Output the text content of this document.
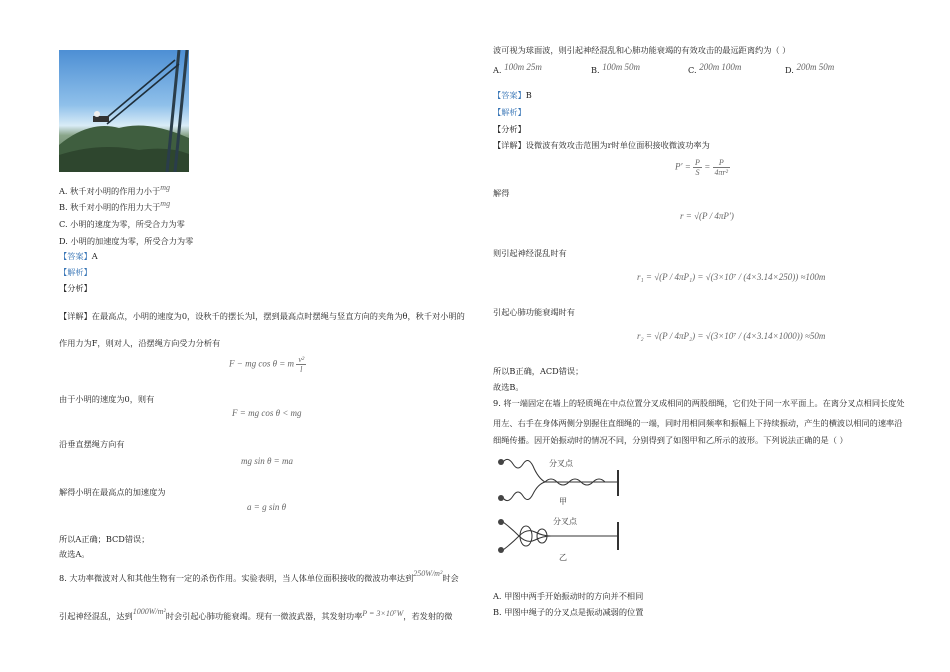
A. 秋千对小明的作用力小于mg
B. 秋千对小明的作用力大于mg
C. 小明的速度为零，所受合力为零
D. 小明的加速度为零，所受合力为零
【答案】A
【解析】
【分析】
【详解】在最高点，小明的速度为0，设秋千的摆长为l，摆到最高点时摆绳与竖直方向的夹角为θ，秋千对小明的
作用力为F，则对人，沿摆绳方向受力分析有
F − mg cos θ = m $\frac{\text{v²}}{l}$
由于小明的速度为0，则有
F = mg cos θ < mg
沿垂直摆绳方向有
mg sin θ = ma
解得小明在最高点的加速度为
a = g sin θ
所以A正确；BCD错误；
故选A。
8. 大功率微波对人和其他生物有一定的杀伤作用。实验表明，当人体单位面积接收的微波功率达到250W/m²时会
引起神经混乱，达到1000W/m²时会引起心肺功能衰竭。现有一微波武器，其发射功率P = 3×10⁷W，若发射的微
波可视为球面波，则引起神经混乱和心肺功能衰竭的有效攻击的最远距离约为（ ）
A. 100m 25m	B. 100m 50m	C. 200m 100m	D. 200m 50m
【答案】B
【解析】
【分析】
【详解】设微波有效攻击范围为r时单位面积接收微波功率为
$P' = \frac{P}{S} = \frac{P}{\text{4πr²}}$
解得
r = √(P / 4πP′)
则引起神经混乱时有
r₁ = √(P / 4πP₁) = √(3×10⁷ / (4×3.14×250)) ≈100m
引起心肺功能衰竭时有
r₂ = √(P / 4πP₂) = √(3×10⁷ / (4×3.14×1000)) ≈50m
所以B正确，ACD错误；
故选B。
9. 将一端固定在墙上的轻质绳在中点位置分叉成相同的两股细绳，它们处于同一水平面上。在离分叉点相同长度处
用左、右手在身体两侧分别握住直细绳的一端，同时用相同频率和振幅上下持续振动，产生的横波以相同的速率沿
细绳传播。因开始振动时的情况不同，分别得到了如图甲和乙所示的波形。下列说法正确的是（ ）
分叉点
甲
分叉点
乙
A. 甲图中两手开始振动时的方向并不相同
B. 甲图中绳子的分叉点是振动减弱的位置
